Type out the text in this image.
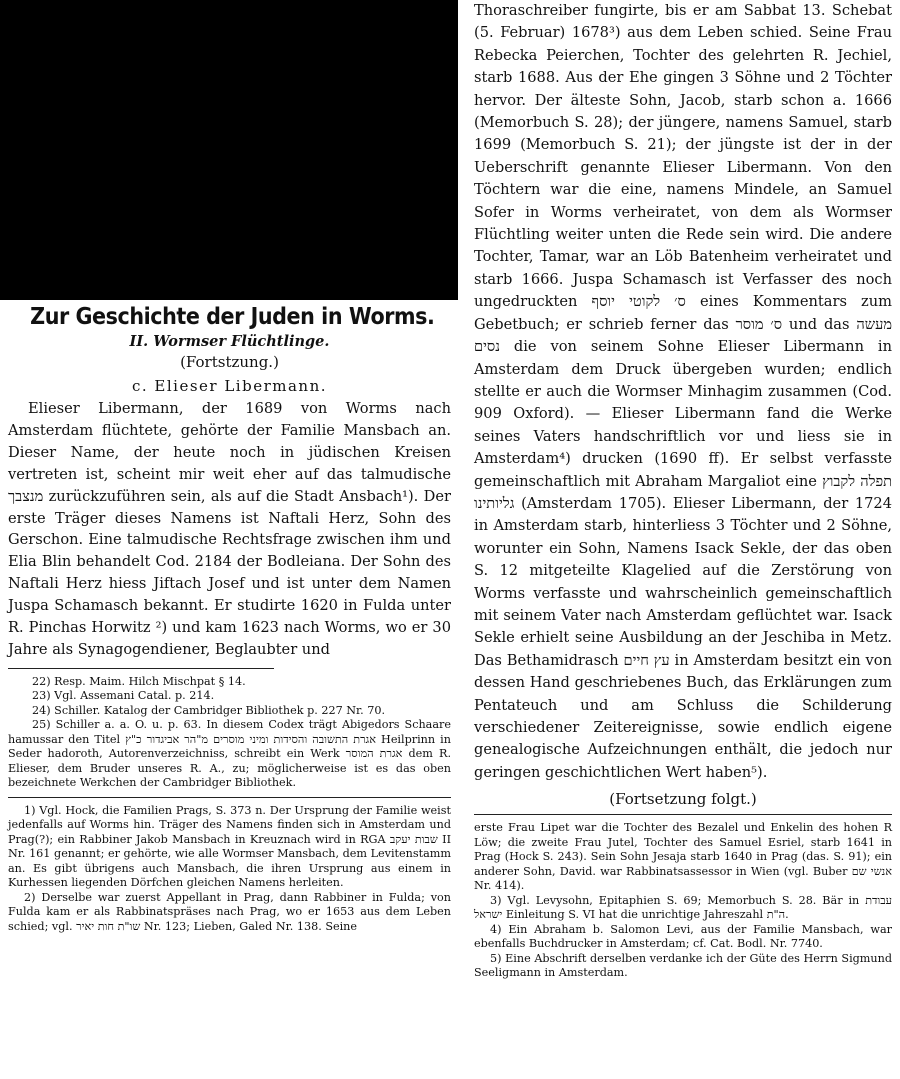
Zur Geschichte der Juden in Worms.
II. Wormser Flüchtlinge.
(Fortstzung.)
c. Elieser Libermann.

Elieser Libermann, der 1689 von Worms nach Amsterdam flüchtete, gehörte der Familie Mansbach an. Dieser Name, der heute noch in jüdischen Kreisen vertreten ist, scheint mir weit eher auf das talmudische מנצבך zurückzuführen sein, als auf die Stadt Ansbach¹). Der erste Träger dieses Namens ist Naftali Herz, Sohn des Gerschon. Eine talmudische Rechtsfrage zwischen ihm und Elia Blin behandelt Cod. 2184 der Bodleiana. Der Sohn des Naftali Herz hiess Jiftach Josef und ist unter dem Namen Juspa Schamasch bekannt. Er studirte 1620 in Fulda unter R. Pinchas Horwitz ²) und kam 1623 nach Worms, wo er 30 Jahre als Synagogendiener, Beglaubter und

22) Resp. Maim. Hilch Mischpat § 14.

23) Vgl. Assemani Catal. p. 214.

24) Schiller. Katalog der Cambridger Bibliothek p. 227 Nr. 70.

25) Schiller a. a. O. u. p. 63. In diesem Codex trägt Abigedors Schaare hamussar den Titel אגרת התשובה והסידות ומיני מוסרים מ"הר אביגדור כ"ץ Heilprinn in Seder hadoroth, Autorenverzeichniss, schreibt ein Werk אגרת המוסר dem R. Elieser, dem Bruder unseres R. A., zu; möglicherweise ist es das oben bezeichnete Werkchen der Cambridger Bibliothek.

1) Vgl. Hock, die Familien Prags, S. 373 n. Der Ursprung der Familie weist jedenfalls auf Worms hin. Träger des Namens finden sich in Amsterdam und Prag(?); ein Rabbiner Jakob Mansbach in Kreuznach wird in RGA שבות יעקב II Nr. 161 genannt; er gehörte, wie alle Wormser Mansbach, dem Levitenstamm an. Es gibt übrigens auch Mansbach, die ihren Ursprung aus einem in Kurhessen liegenden Dörfchen gleichen Namens herleiten.

2) Derselbe war zuerst Appellant in Prag, dann Rabbiner in Fulda; von Fulda kam er als Rabbinatspräses nach Prag, wo er 1653 aus dem Leben schied; vgl. שו"ת חות יאיר Nr. 123; Lieben, Galed Nr. 138. Seine

Thoraschreiber fungirte, bis er am Sabbat 13. Schebat (5. Februar) 1678³) aus dem Leben schied. Seine Frau Rebecka Peierchen, Tochter des gelehrten R. Jechiel, starb 1688. Aus der Ehe gingen 3 Söhne und 2 Töchter hervor. Der älteste Sohn, Jacob, starb schon a. 1666 (Memorbuch S. 28); der jüngere, namens Samuel, starb 1699 (Memorbuch S. 21); der jüngste ist der in der Ueberschrift genannte Elieser Libermann. Von den Töchtern war die eine, namens Mindele, an Samuel Sofer in Worms verheiratet, von dem als Wormser Flüchtling weiter unten die Rede sein wird. Die andere Tochter, Tamar, war an Löb Batenheim verheiratet und starb 1666. Juspa Schamasch ist Verfasser des noch ungedruckten ס׳ לקוטי יוסף eines Kommentars zum Gebetbuch; er schrieb ferner das ס׳ מוסר und das מעשה נסים die von seinem Sohne Elieser Libermann in Amsterdam dem Druck übergeben wurden; endlich stellte er auch die Wormser Minhagim zusammen (Cod. 909 Oxford). — Elieser Libermann fand die Werke seines Vaters handschriftlich vor und liess sie in Amsterdam⁴) drucken (1690 ff). Er selbst verfasste gemeinschaftlich mit Abraham Margaliot eine תפלה לקבוץ גליותינו (Amsterdam 1705). Elieser Libermann, der 1724 in Amsterdam starb, hinterliess 3 Töchter und 2 Söhne, worunter ein Sohn, Namens Isack Sekle, der das oben S. 12 mitgeteilte Klagelied auf die Zerstörung von Worms verfasste und wahrscheinlich gemeinschaftlich mit seinem Vater nach Amsterdam geflüchtet war. Isack Sekle erhielt seine Ausbildung an der Jeschiba in Metz. Das Bethamidrasch עץ חיים in Amsterdam besitzt ein von dessen Hand geschriebenes Buch, das Erklärungen zum Pentateuch und am Schluss die Schilderung verschiedener Zeitereignisse, sowie endlich eigene genealogische Aufzeichnungen enthält, die jedoch nur geringen geschichtlichen Wert haben⁵).

(Fortsetzung folgt.)

erste Frau Lipet war die Tochter des Bezalel und Enkelin des hohen R Löw; die zweite Frau Jutel, Tochter des Samuel Esriel, starb 1641 in Prag (Hock S. 243). Sein Sohn Jesaja starb 1640 in Prag (das. S. 91); ein anderer Sohn, David. war Rabbinatsassessor in Wien (vgl. Buber אנשי שם Nr. 414).

3) Vgl. Levysohn, Epitaphien S. 69; Memorbuch S. 28. Bär in עבודת ישראל Einleitung S. VI hat die unrichtige Jahreszahl ה"ת.

4) Ein Abraham b. Salomon Levi, aus der Familie Mansbach, war ebenfalls Buchdrucker in Amsterdam; cf. Cat. Bodl. Nr. 7740.

5) Eine Abschrift derselben verdanke ich der Güte des Herrn Sigmund Seeligmann in Amsterdam.
